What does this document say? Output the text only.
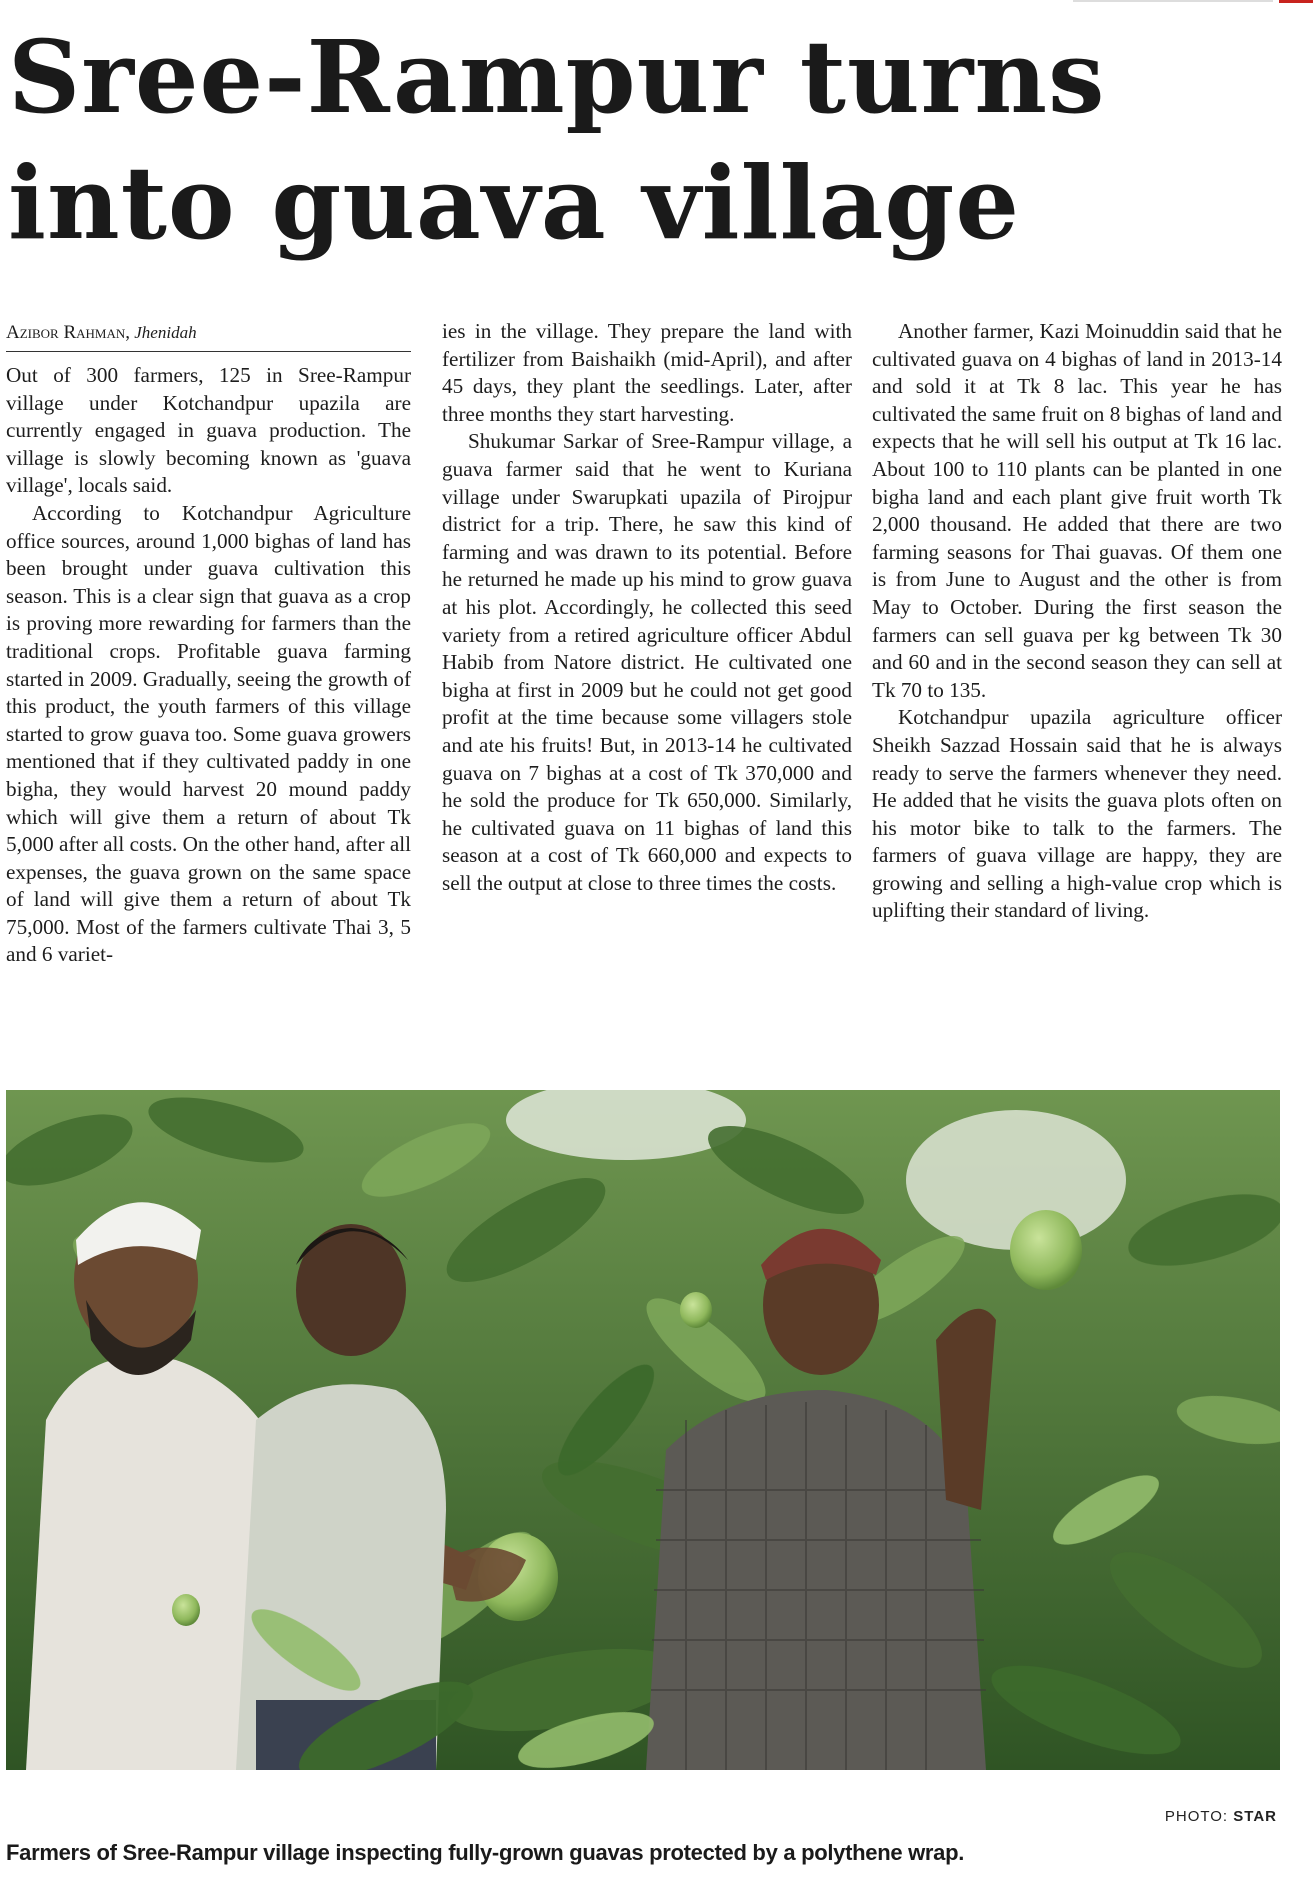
Sree-Rampur turns into guava village
Azibor Rahman, Jhenidah

Out of 300 farmers, 125 in Sree-Rampur village under Kotchandpur upazila are currently engaged in guava production. The village is slowly becoming known as 'guava village', locals said.

According to Kotchandpur Agriculture office sources, around 1,000 bighas of land has been brought under guava cultivation this season. This is a clear sign that guava as a crop is proving more rewarding for farmers than the traditional crops. Profitable guava farming started in 2009. Gradually, seeing the growth of this product, the youth farmers of this village started to grow guava too. Some guava growers mentioned that if they cultivated paddy in one bigha, they would harvest 20 mound paddy which will give them a return of about Tk 5,000 after all costs. On the other hand, after all expenses, the guava grown on the same space of land will give them a return of about Tk 75,000. Most of the farmers cultivate Thai 3, 5 and 6 variet-

ies in the village. They prepare the land with fertilizer from Baishaikh (mid-April), and after 45 days, they plant the seedlings. Later, after three months they start harvesting.

Shukumar Sarkar of Sree-Rampur village, a guava farmer said that he went to Kuriana village under Swarupkati upazila of Pirojpur district for a trip. There, he saw this kind of farming and was drawn to its potential. Before he returned he made up his mind to grow guava at his plot. Accordingly, he collected this seed variety from a retired agriculture officer Abdul Habib from Natore district. He cultivated one bigha at first in 2009 but he could not get good profit at the time because some villagers stole and ate his fruits! But, in 2013-14 he cultivated guava on 7 bighas at a cost of Tk 370,000 and he sold the produce for Tk 650,000. Similarly, he cultivated guava on 11 bighas of land this season at a cost of Tk 660,000 and expects to sell the output at close to three times the costs.

Another farmer, Kazi Moinuddin said that he cultivated guava on 4 bighas of land in 2013-14 and sold it at Tk 8 lac. This year he has cultivated the same fruit on 8 bighas of land and expects that he will sell his output at Tk 16 lac. About 100 to 110 plants can be planted in one bigha land and each plant give fruit worth Tk 2,000 thousand. He added that there are two farming seasons for Thai guavas. Of them one is from June to August and the other is from May to October. During the first season the farmers can sell guava per kg between Tk 30 and 60 and in the second season they can sell at Tk 70 to 135.

Kotchandpur upazila agriculture officer Sheikh Sazzad Hossain said that he is always ready to serve the farmers whenever they need. He added that he visits the guava plots often on his motor bike to talk to the farmers. The farmers of guava village are happy, they are growing and selling a high-value crop which is uplifting their standard of living.

PHOTO: STAR
Farmers of Sree-Rampur village inspecting fully-grown guavas protected by a polythene wrap.
